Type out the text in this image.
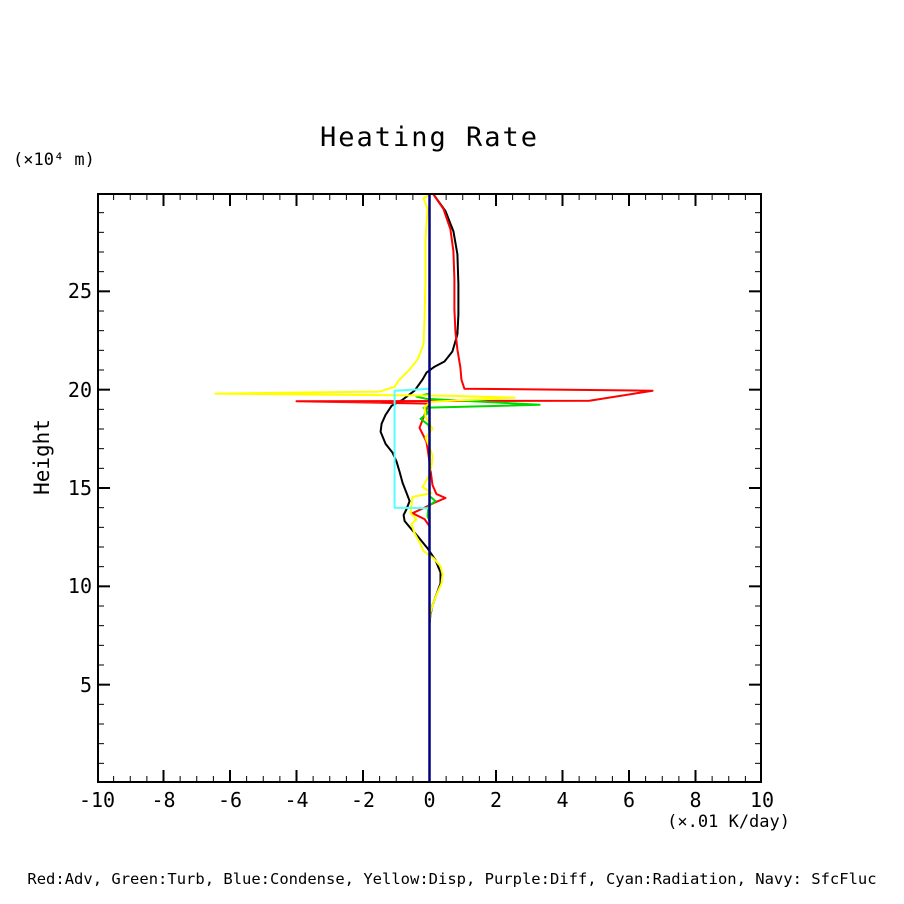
Heating Rate
(×10⁴ m)
Height
-10	-8	-6	-4	-2	0	2	4	6	8	10
5
10
15
20
25
(×.01 K/day)
Red:Adv, Green:Turb, Blue:Condense, Yellow:Disp, Purple:Diff, Cyan:Radiation, Navy: SfcFluc
